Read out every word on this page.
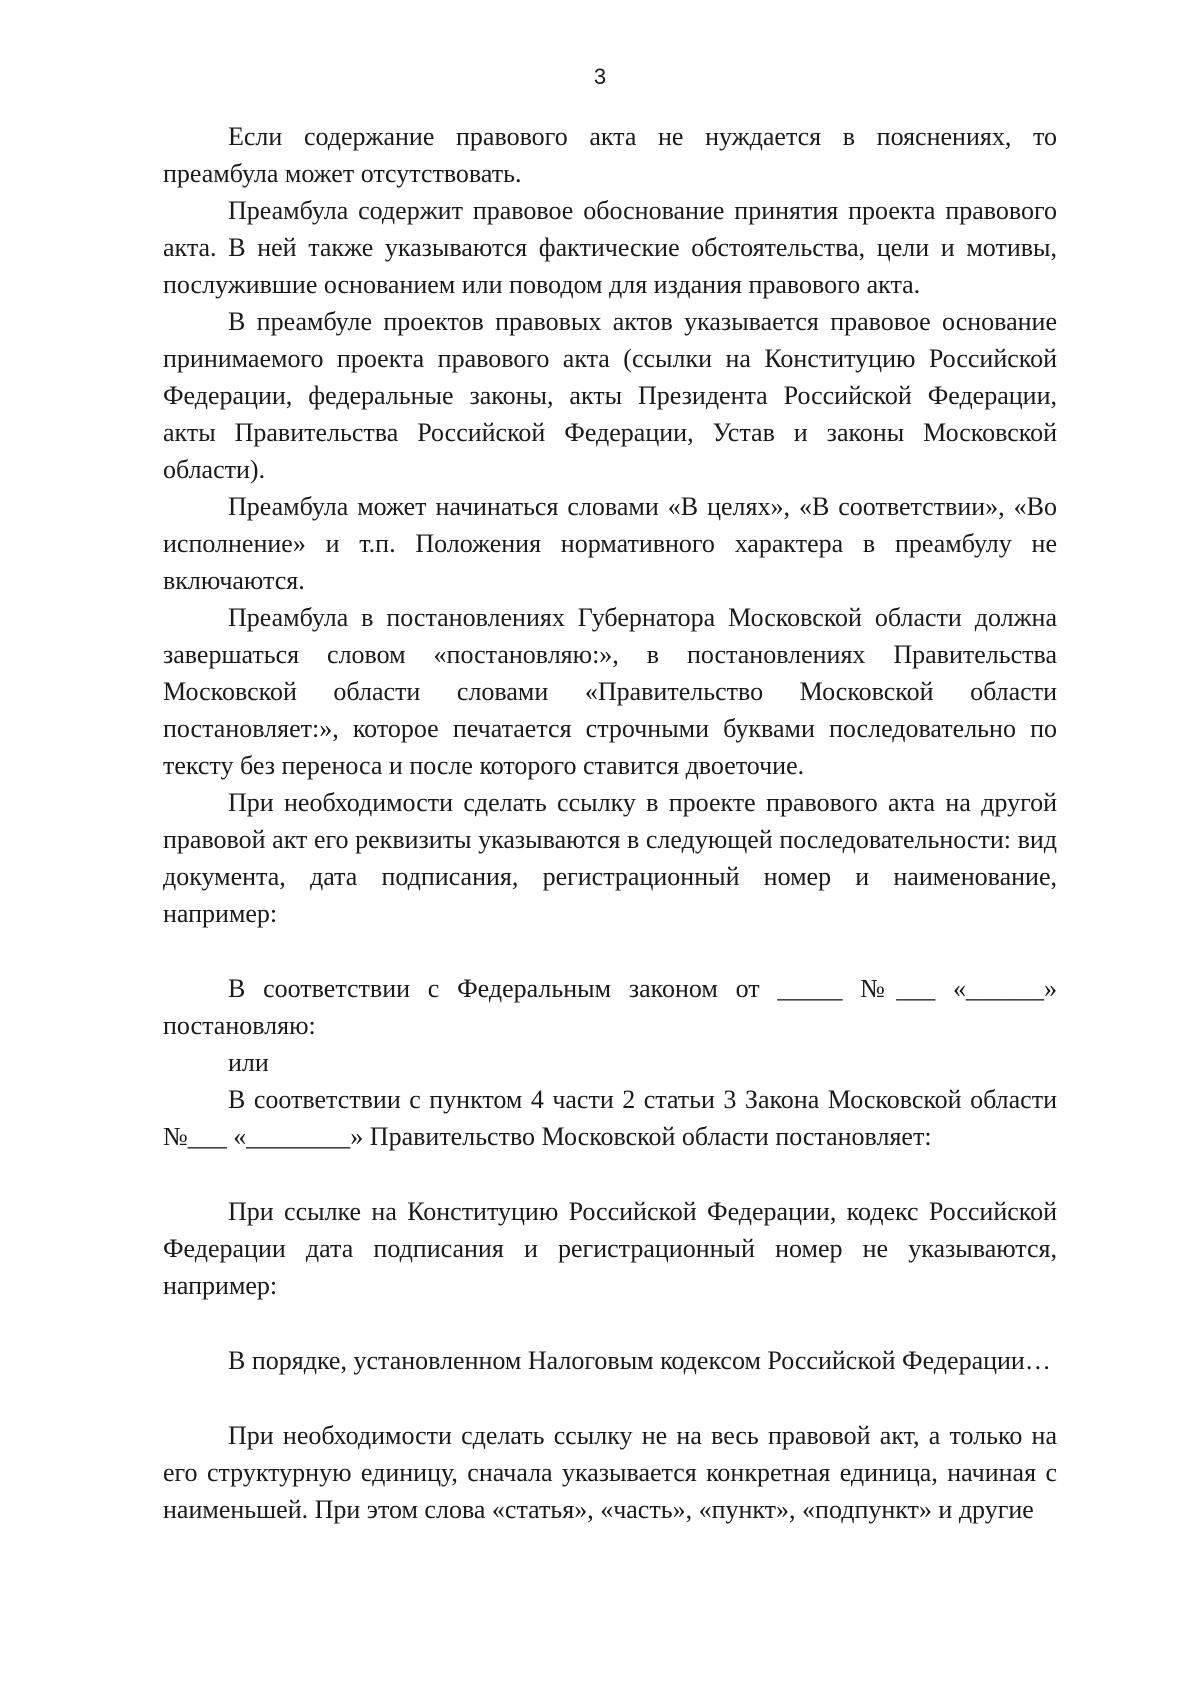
3

Если содержание правового акта не нуждается в пояснениях, то преамбула может отсутствовать.

Преамбула содержит правовое обоснование принятия проекта правового акта. В ней также указываются фактические обстоятельства, цели и мотивы, послужившие основанием или поводом для издания правового акта.

В преамбуле проектов правовых актов указывается правовое основание принимаемого проекта правового акта (ссылки на Конституцию Российской Федерации, федеральные законы, акты Президента Российской Федерации, акты Правительства Российской Федерации, Устав и законы Московской области).

Преамбула может начинаться словами «В целях», «В соответствии», «Во исполнение» и т.п. Положения нормативного характера в преамбулу не включаются.

Преамбула в постановлениях Губернатора Московской области должна завершаться словом «постановляю:», в постановлениях Правительства Московской области словами «Правительство Московской области постановляет:», которое печатается строчными буквами последовательно по тексту без переноса и после которого ставится двоеточие.

При необходимости сделать ссылку в проекте правового акта на другой правовой акт его реквизиты указываются в следующей последовательности: вид документа, дата подписания, регистрационный номер и наименование, например:

В соответствии с Федеральным законом от _____ №___ «______» постановляю:

или

В соответствии с пунктом 4 части 2 статьи 3 Закона Московской области №___ «________» Правительство Московской области постановляет:

При ссылке на Конституцию Российской Федерации, кодекс Российской Федерации дата подписания и регистрационный номер не указываются, например:

В порядке, установленном Налоговым кодексом Российской Федерации…

При необходимости сделать ссылку не на весь правовой акт, а только на его структурную единицу, сначала указывается конкретная единица, начиная с наименьшей. При этом слова «статья», «часть», «пункт», «подпункт» и другие
